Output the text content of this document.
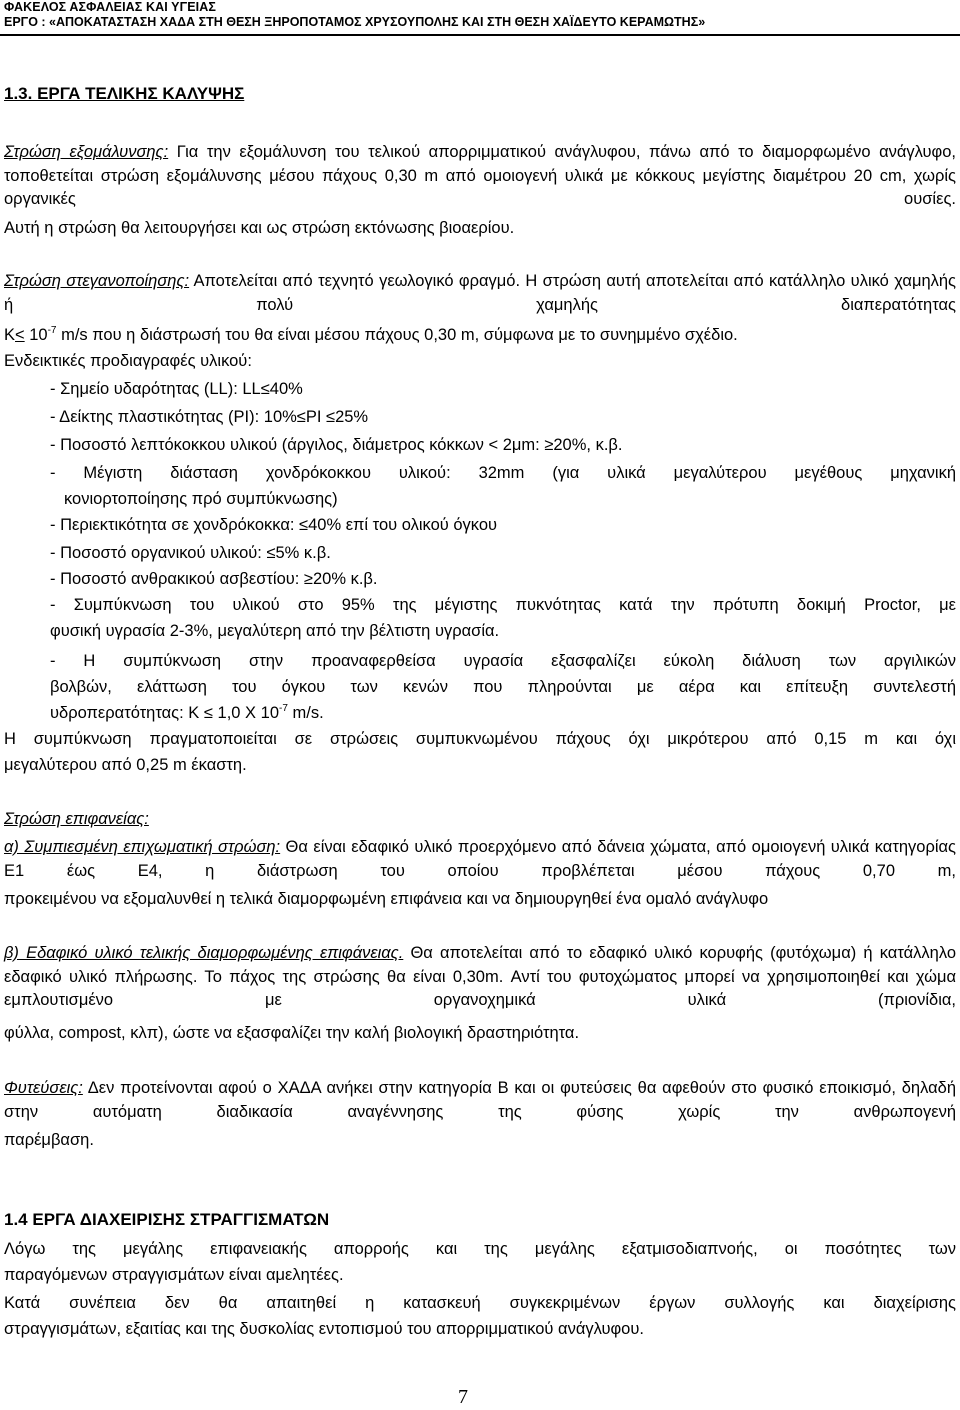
ΦΑΚΕΛΟΣ ΑΣΦΑΛΕΙΑΣ ΚΑΙ ΥΓΕΙΑΣ
ΕΡΓΟ : «ΑΠΟΚΑΤΑΣΤΑΣΗ ΧΑΔΑ ΣΤΗ ΘΕΣΗ ΞΗΡΟΠΟΤΑΜΟΣ ΧΡΥΣΟΥΠΟΛΗΣ ΚΑΙ ΣΤΗ ΘΕΣΗ ΧΑΪΔΕΥΤΟ ΚΕΡΑΜΩΤΗΣ»
1.3. ΕΡΓΑ ΤΕΛΙΚΗΣ ΚΑΛΥΨΗΣ
Στρώση εξομάλυνσης: Για την εξομάλυνση του τελικού απορριμματικού ανάγλυφου, πάνω από το διαμορφωμένο ανάγλυφο, τοποθετείται στρώση εξομάλυνσης μέσου πάχους 0,30 m από ομοιογενή υλικά με κόκκους μεγίστης διαμέτρου 20 cm, χωρίς οργανικές ουσίες.
Αυτή η στρώση θα λειτουργήσει και ως στρώση εκτόνωσης βιοαερίου.
Στρώση στεγανοποίησης: Αποτελείται από τεχνητό γεωλογικό φραγμό. Η στρώση αυτή αποτελείται από κατάλληλο υλικό χαμηλής ή πολύ χαμηλής διαπερατότητας
$K< 10^{-7}$ m/s που η διάστρωσή του θα είναι μέσου πάχους 0,30 m, σύμφωνα με το συνημμένο σχέδιο.
Ενδεικτικές προδιαγραφές υλικού:
- Σημείο υδαρότητας (LL): LL≤40%
- Δείκτης πλαστικότητας (PI): 10%≤PI ≤25%
- Ποσοστό λεπτόκοκκου υλικού (άργιλος, διάμετρος κόκκων < 2μm: ≥20%, κ.β.
- Μέγιστη διάσταση χονδρόκοκκου υλικού: 32mm (για υλικά μεγαλύτερου μεγέθους μηχανική
κονιορτοποίησης πρό συμπύκνωσης)
- Περιεκτικότητα σε χονδρόκοκκα: ≤40% επί του ολικού όγκου
- Ποσοστό οργανικού υλικού: ≤5% κ.β.
- Ποσοστό ανθρακικού ασβεστίου: ≥20% κ.β.
- Συμπύκνωση του υλικού στο 95% της μέγιστης πυκνότητας κατά την πρότυπη δοκιμή Proctor, με
φυσική υγρασία 2-3%, μεγαλύτερη από την βέλτιστη υγρασία.
- Η συμπύκνωση στην προαναφερθείσα υγρασία εξασφαλίζει εύκολη διάλυση των αργιλικών
βολβών, ελάττωση του όγκου των κενών που πληρούνται με αέρα και επίτευξη συντελεστή
υδροπερατότητας: Κ ≤ 1,0 Χ $10^{-7}$ m/s.
Η συμπύκνωση πραγματοποιείται σε στρώσεις συμπυκνωμένου πάχους όχι μικρότερου από 0,15 m και όχι
μεγαλύτερου από 0,25 m έκαστη.
Στρώση επιφανείας:
α) Συμπιεσμένη επιχωματική στρώση: Θα είναι εδαφικό υλικό προερχόμενο από δάνεια χώματα, από ομοιογενή υλικά κατηγορίας Ε1 έως Ε4, η διάστρωση του οποίου προβλέπεται μέσου πάχους 0,70 m,
προκειμένου να εξομαλυνθεί η τελικά διαμορφωμένη επιφάνεια και να δημιουργηθεί ένα ομαλό ανάγλυφο
β) Εδαφικό υλικό τελικής διαμορφωμένης επιφάνειας. Θα αποτελείται από το εδαφικό υλικό κορυφής (φυτόχωμα) ή κατάλληλο εδαφικό υλικό πλήρωσης. Το πάχος της στρώσης θα είναι 0,30m. Αντί του φυτοχώματος μπορεί να χρησιμοποιηθεί και χώμα εμπλουτισμένο με οργανοχημικά υλικά (πριονίδια,
φύλλα, compost, κλπ), ώστε να εξασφαλίζει την καλή βιολογική δραστηριότητα.
Φυτεύσεις: Δεν προτείνονται αφού ο ΧΑΔΑ ανήκει στην κατηγορία Β και οι φυτεύσεις θα αφεθούν στο φυσικό εποικισμό, δηλαδή στην αυτόματη διαδικασία αναγέννησης της φύσης χωρίς την ανθρωπογενή
παρέμβαση.
1.4 ΕΡΓΑ ΔΙΑΧΕΙΡΙΣΗΣ ΣΤΡΑΓΓΙΣΜΑΤΩΝ
Λόγω της μεγάλης επιφανειακής απορροής και της μεγάλης εξατμισοδιαπνοής, οι ποσότητες των
παραγόμενων στραγγισμάτων είναι αμελητέες.
Κατά συνέπεια δεν θα απαιτηθεί η κατασκευή συγκεκριμένων έργων συλλογής και διαχείρισης
στραγγισμάτων, εξαιτίας και της δυσκολίας εντοπισμού του απορριμματικού ανάγλυφου.
7
